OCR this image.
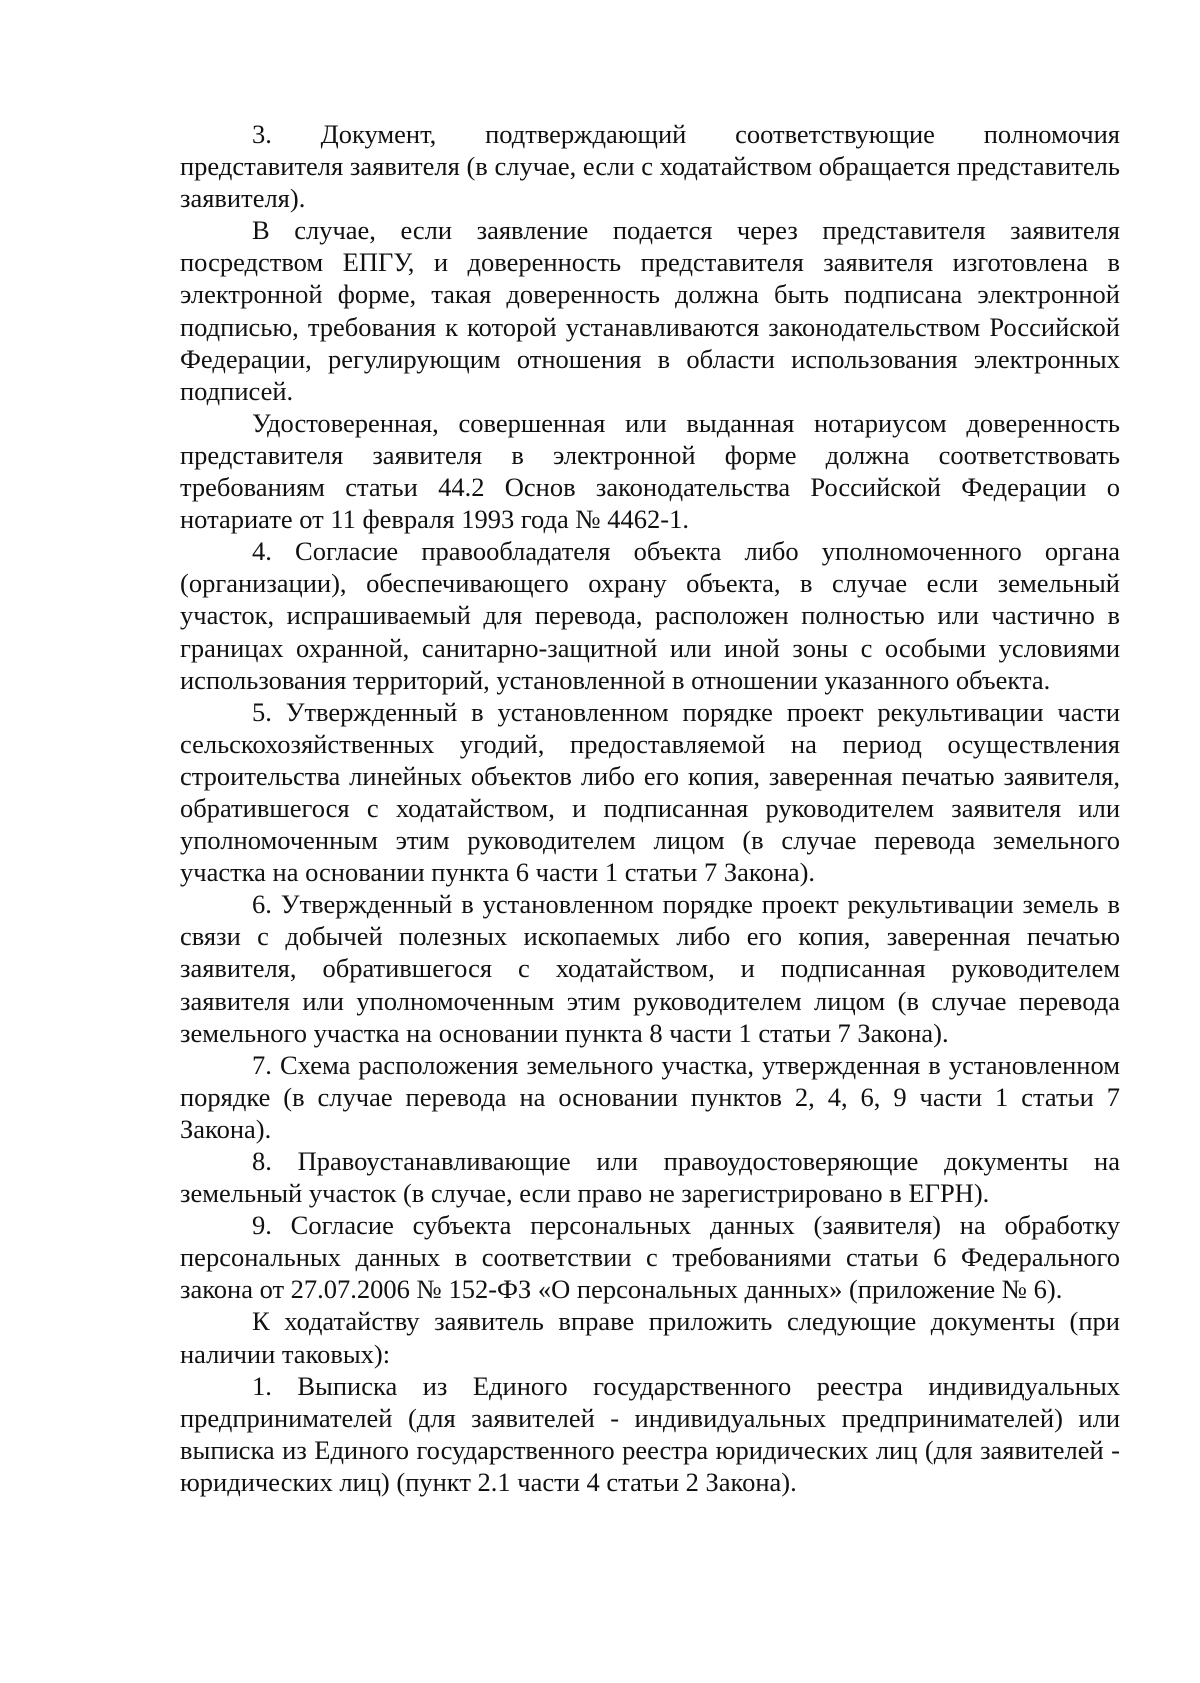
3. Документ, подтверждающий соответствующие полномочия представителя заявителя (в случае, если с ходатайством обращается представитель заявителя).

В случае, если заявление подается через представителя заявителя посредством ЕПГУ, и доверенность представителя заявителя изготовлена в электронной форме, такая доверенность должна быть подписана электронной подписью, требования к которой устанавливаются законодательством Российской Федерации, регулирующим отношения в области использования электронных подписей.

Удостоверенная, совершенная или выданная нотариусом доверенность представителя заявителя в электронной форме должна соответствовать требованиям статьи 44.2 Основ законодательства Российской Федерации о нотариате от 11 февраля 1993 года № 4462-1.

4. Согласие правообладателя объекта либо уполномоченного органа (организации), обеспечивающего охрану объекта, в случае если земельный участок, испрашиваемый для перевода, расположен полностью или частично в границах охранной, санитарно-защитной или иной зоны с особыми условиями использования территорий, установленной в отношении указанного объекта.

5. Утвержденный в установленном порядке проект рекультивации части сельскохозяйственных угодий, предоставляемой на период осуществления строительства линейных объектов либо его копия, заверенная печатью заявителя, обратившегося с ходатайством, и подписанная руководителем заявителя или уполномоченным этим руководителем лицом (в случае перевода земельного участка на основании пункта 6 части 1 статьи 7 Закона).

6. Утвержденный в установленном порядке проект рекультивации земель в связи с добычей полезных ископаемых либо его копия, заверенная печатью заявителя, обратившегося с ходатайством, и подписанная руководителем заявителя или уполномоченным этим руководителем лицом (в случае перевода земельного участка на основании пункта 8 части 1 статьи 7 Закона).

7. Схема расположения земельного участка, утвержденная в установленном порядке (в случае перевода на основании пунктов 2, 4, 6, 9 части 1 статьи 7 Закона).

8. Правоустанавливающие или правоудостоверяющие документы на земельный участок (в случае, если право не зарегистрировано в ЕГРН).

9. Согласие субъекта персональных данных (заявителя) на обработку персональных данных в соответствии с требованиями статьи 6 Федерального закона от 27.07.2006 № 152-ФЗ «О персональных данных» (приложение № 6).

К ходатайству заявитель вправе приложить следующие документы (при наличии таковых):

1. Выписка из Единого государственного реестра индивидуальных предпринимателей (для заявителей - индивидуальных предпринимателей) или выписка из Единого государственного реестра юридических лиц (для заявителей - юридических лиц) (пункт 2.1 части 4 статьи 2 Закона).
